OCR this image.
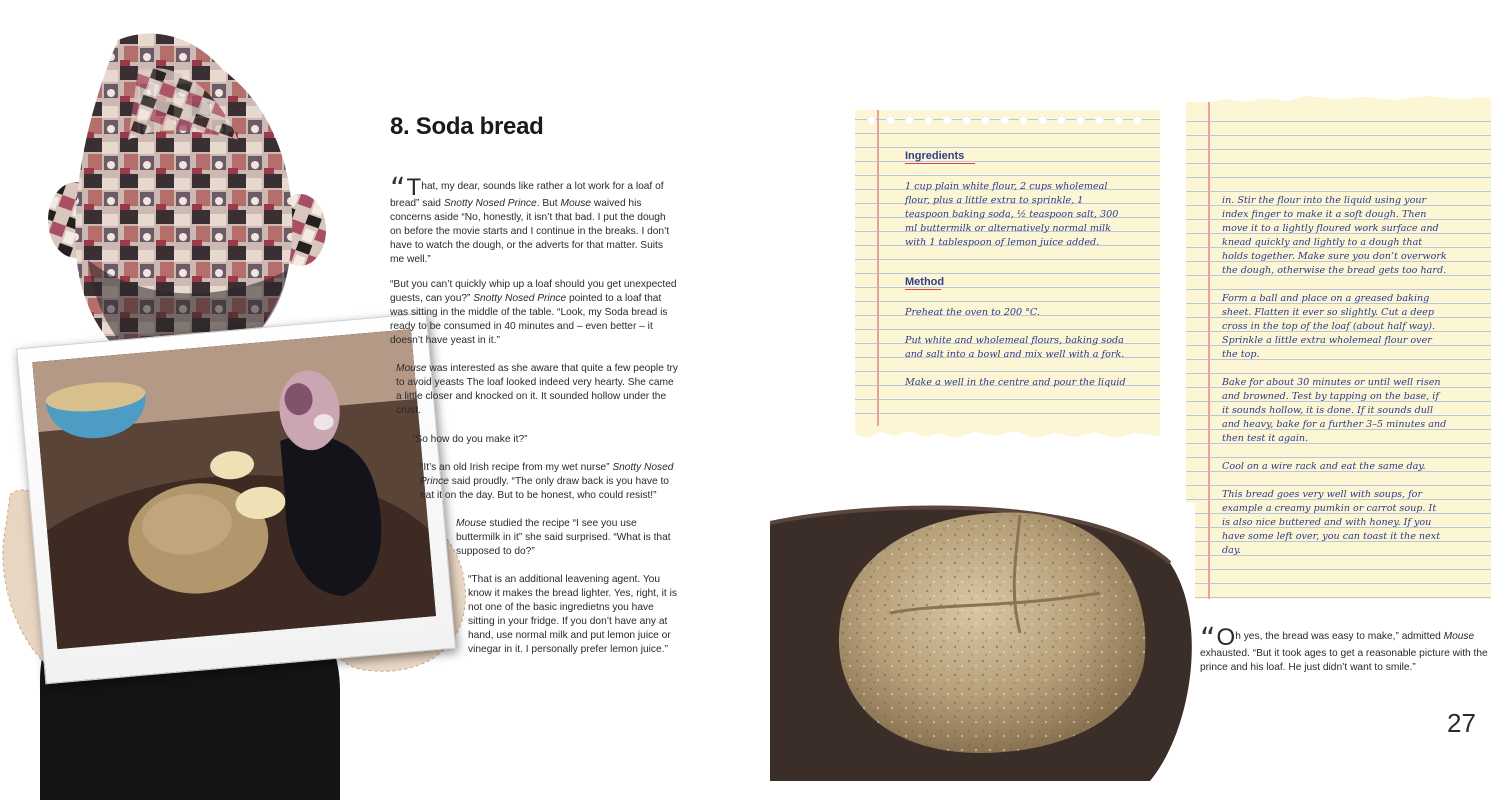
8. Soda bread

“That, my dear, sounds like rather a lot work for a loaf of bread” said Snotty Nosed Prince. But Mouse waived his concerns aside “No, honestly, it isn’t that bad. I put the dough on before the movie starts and I continue in the breaks. I don’t have to watch the dough, or the adverts for that matter. Suits me well.”

“But you can’t quickly whip up a loaf should you get unexpected guests, can you?” Snotty Nosed Prince pointed to a loaf that was sitting in the middle of the table. “Look, my Soda bread is ready to be consumed in 40 minutes and – even better – it doesn’t have yeast in it.”

Mouse was interested as she aware that quite a few people try to avoid yeasts The loaf looked indeed very hearty. She came a little closer and knocked on it. It sounded hollow under the crust.

“So how do you make it?”

“It’s an old Irish recipe from my wet nurse” Snotty Nosed Prince said proudly. “The only draw back is you have to eat it on the day. But to be honest, who could resist!”

Mouse studied the recipe “I see you use buttermilk in it” she said surprised. “What is that supposed to do?”

“That is an additional leavening agent. You know it makes the bread lighter. Yes, right, it is not one of the basic ingredietns you have sitting in your fridge. If you don’t have any at hand, use normal milk and put lemon juice or vinegar in it. I personally prefer lemon juice.”

Ingredients

1 cup plain white flour, 2 cups wholemeal flour, plus a little extra to sprinkle, 1 teaspoon baking soda, ½ teaspoon salt, 300 ml buttermilk or alternatively normal milk with 1 tablespoon of lemon juice added.

Method

Preheat the oven to 200 °C.

Put white and wholemeal flours, baking soda and salt into a bowl and mix well with a fork.

Make a well in the centre and pour the liquid

in. Stir the flour into the liquid using your index finger to make it a soft dough. Then move it to a lightly floured work surface and knead quickly and lightly to a dough that holds together. Make sure you don’t overwork the dough, otherwise the bread gets too hard.

Form a ball and place on a greased baking sheet. Flatten it ever so slightly. Cut a deep cross in the top of the loaf (about half way). Sprinkle a little extra wholemeal flour over the top.

Bake for about 30 minutes or until well risen and browned. Test by tapping on the base, if it sounds hollow, it is done. If it sounds dull and heavy, bake for a further 3–5 minutes and then test it again.

Cool on a wire rack and eat the same day.

This bread goes very well with soups, for example a creamy pumkin or carrot soup. It is also nice buttered and with honey. If you have some left over, you can toast it the next day.

“Oh yes, the bread was easy to make,” admitted Mouse exhausted. “But it took ages to get a reasonable picture with the prince and his loaf. He just didn’t want to smile.”

27
